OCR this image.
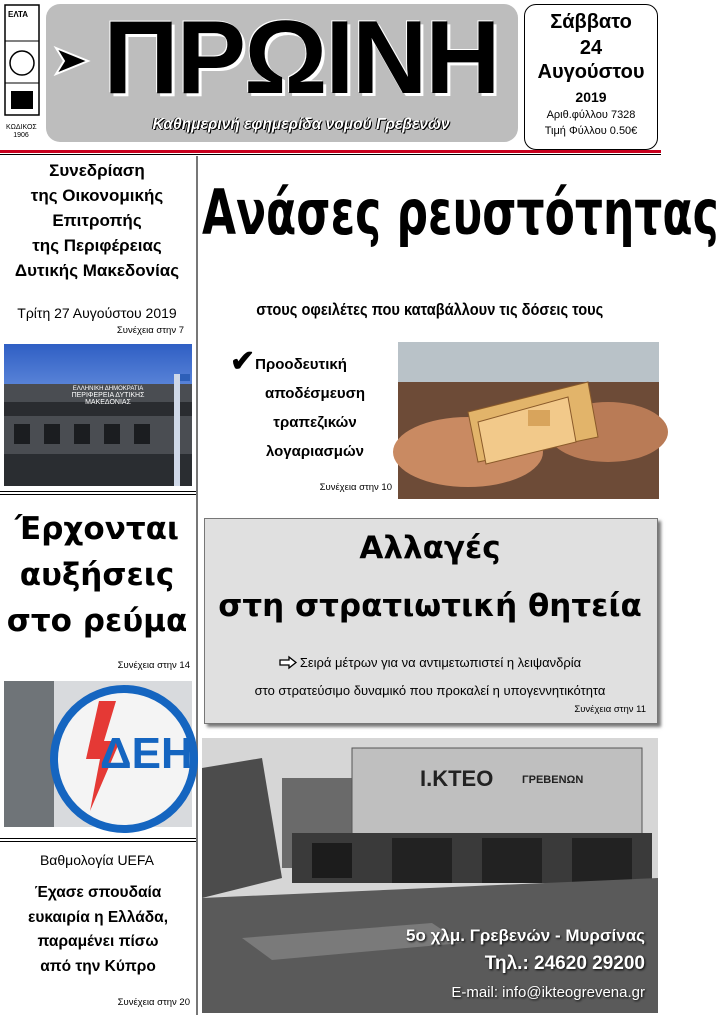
ΕΛΤΑ
ΚΩΔΙΚΟΣ
1906
ΠΡΩΙΝΗ
Καθημερινή εφημερίδα νομού Γρεβενών
Σάββατο
24
Αυγούστου
2019
Αριθ.φύλλου 7328
Τιμή Φύλλου 0.50€
Συνεδρίαση
της Οικονομικής
Επιτροπής
της Περιφέρειας
Δυτικής Μακεδονίας
Τρίτη 27 Αυγούστου 2019
Συνέχεια στην 7
ΕΛΛΗΝΙΚΗ ΔΗΜΟΚΡΑΤΙΑ
ΠΕΡΙΦΕΡΕΙΑ ΔΥΤΙΚΗΣ ΜΑΚΕΔΟΝΙΑΣ
Έρχονται
αυξήσεις
στο ρεύμα
Συνέχεια στην 14
ΔΕΗ
Βαθμολογία UEFA
Έχασε σπουδαία
ευκαιρία η Ελλάδα,
παραμένει πίσω
από την Κύπρο
Συνέχεια στην 20
Ανάσες ρευστότητας
στους οφειλέτες που καταβάλλουν τις δόσεις τους
✔Προοδευτική
αποδέσμευση
τραπεζικών
λογαριασμών
Συνέχεια στην 10
Αλλαγές
στη στρατιωτική θητεία
Σειρά μέτρων για να αντιμετωπιστεί η λειψανδρία
στο στρατεύσιμο δυναμικό που προκαλεί η υπογεννητικότητα
Συνέχεια στην 11
Ι.ΚΤΕΟ	ΓΡΕΒΕΝΩΝ
5ο χλμ. Γρεβενών - Μυρσίνας
Τηλ.: 24620 29200
E-mail: info@ikteogrevena.gr
